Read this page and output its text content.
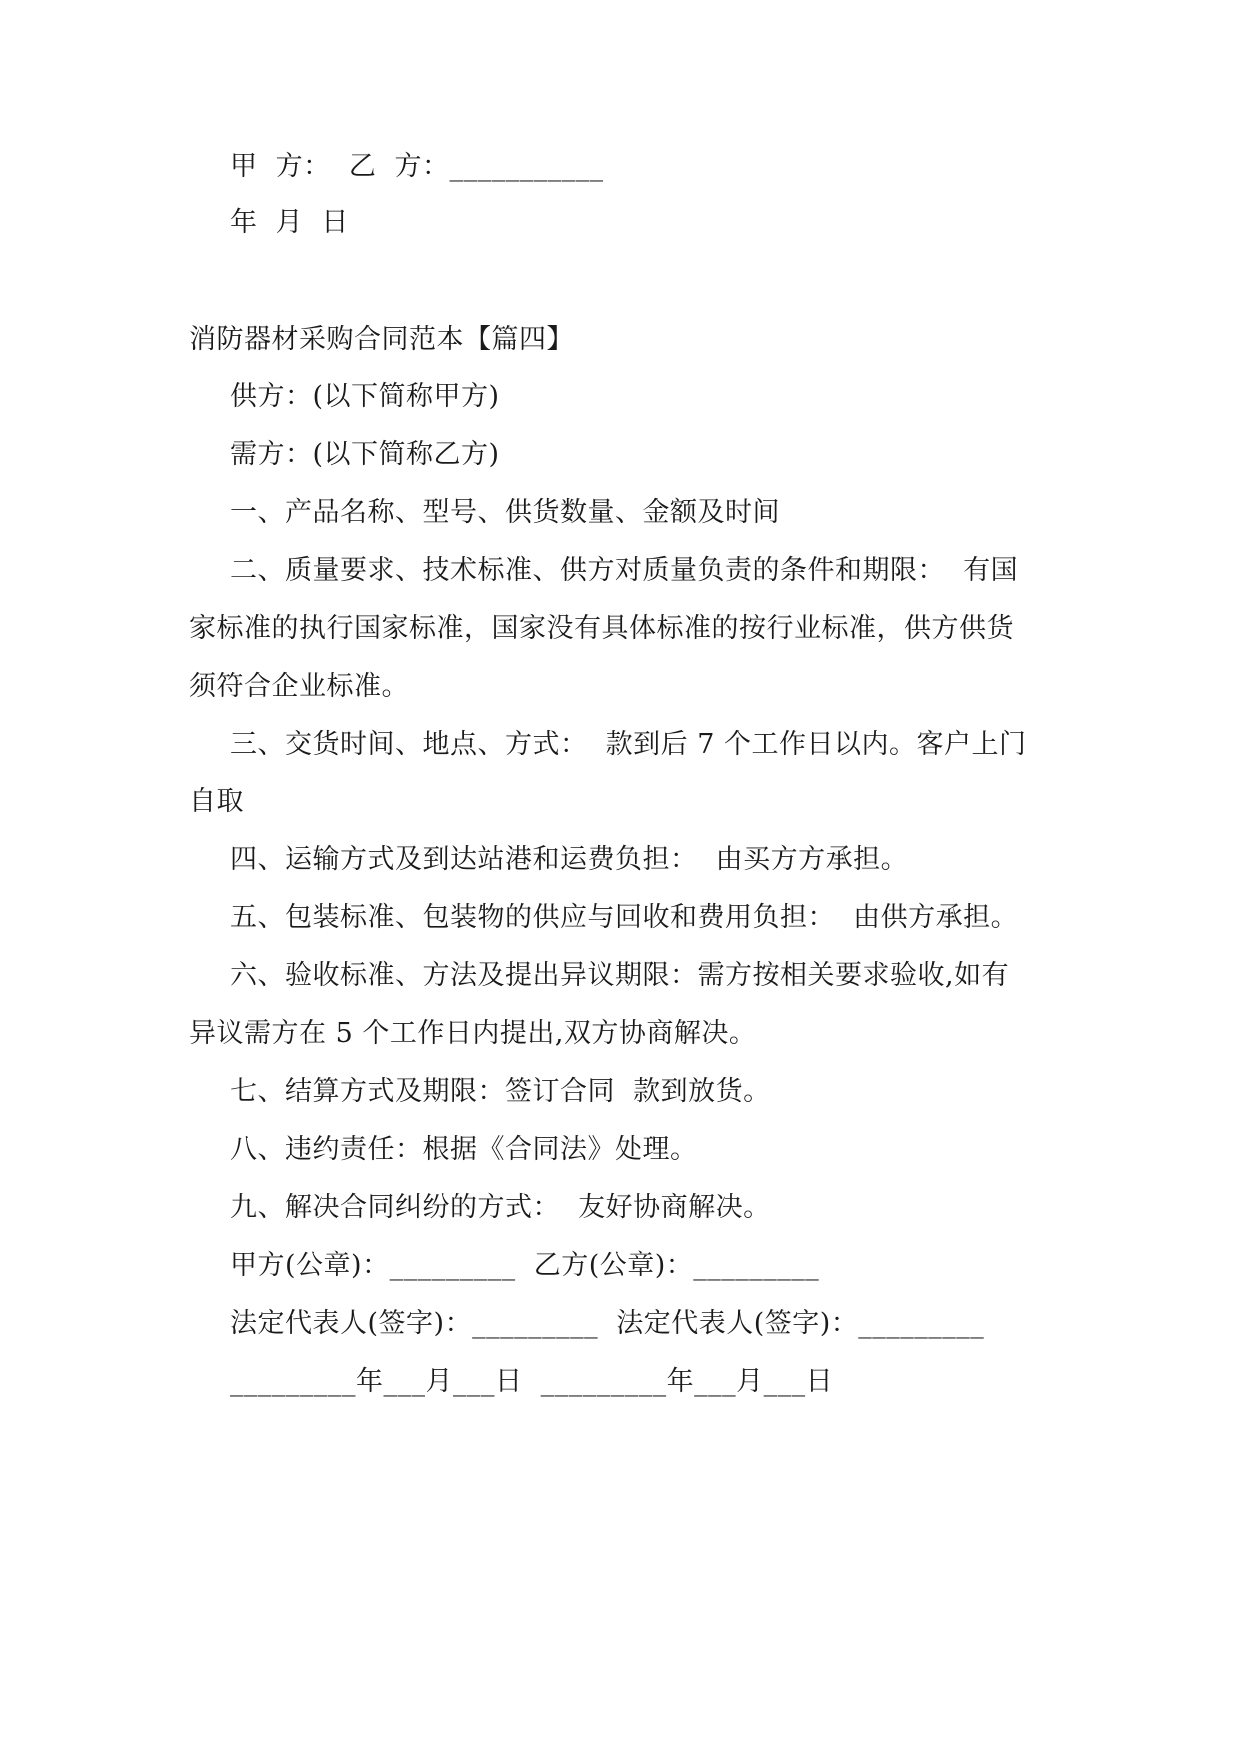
甲  方：  乙  方：___________
年  月  日
消防器材采购合同范本【篇四】
供方：(以下简称甲方)
需方：(以下简称乙方)
一、产品名称、型号、供货数量、金额及时间
二、质量要求、技术标准、供方对质量负责的条件和期限：  有国
家标准的执行国家标准，国家没有具体标准的按行业标准，供方供货
须符合企业标准。
三、交货时间、地点、方式：  款到后 7 个工作日以内。客户上门
自取
四、运输方式及到达站港和运费负担：  由买方方承担。
五、包装标准、包装物的供应与回收和费用负担：  由供方承担。
六、验收标准、方法及提出异议期限：需方按相关要求验收,如有
异议需方在 5 个工作日内提出,双方协商解决。
七、结算方式及期限：签订合同  款到放货。
八、违约责任：根据《合同法》处理。
九、解决合同纠纷的方式：  友好协商解决。
甲方(公章)：_________  乙方(公章)：_________
法定代表人(签字)：_________  法定代表人(签字)：_________
_________年___月___日  _________年___月___日
